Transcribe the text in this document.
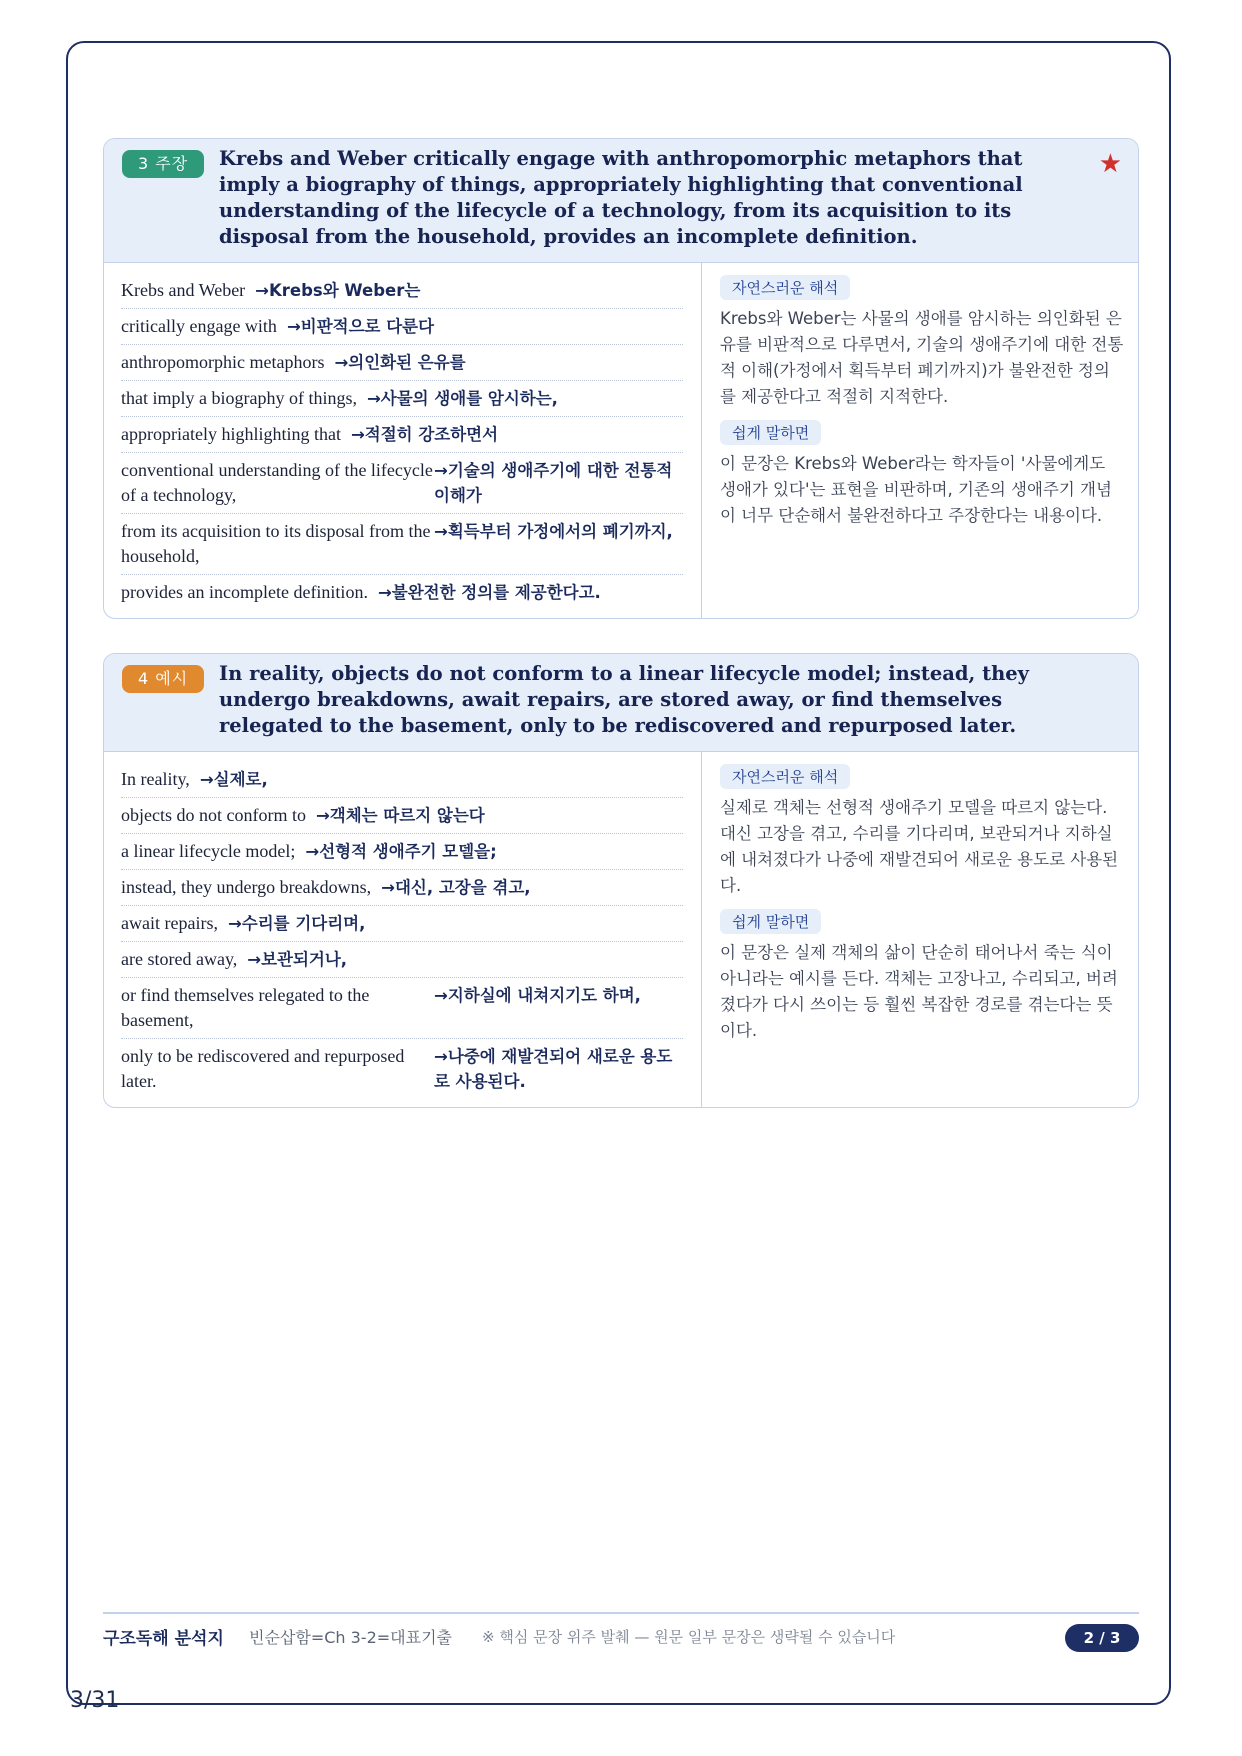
3 주장	Krebs and Weber critically engage with anthropomorphic metaphors that imply a biography of things, appropriately highlighting that conventional understanding of the lifecycle of a technology, from its acquisition to its disposal from the household, provides an incomplete definition.
★
Krebs and Weber →Krebs와 Weber는
critically engage with →비판적으로 다룬다
anthropomorphic metaphors →의인화된 은유를
that imply a biography of things, →사물의 생애를 암시하는,
appropriately highlighting that →적절히 강조하면서
conventional understanding of the lifecycle of a technology,
→기술의 생애주기에 대한 전통적 이해가
from its acquisition to its disposal from the household,
→획득부터 가정에서의 폐기까지,
provides an incomplete definition. →불완전한 정의를 제공한다고.
자연스러운 해석

Krebs와 Weber는 사물의 생애를 암시하는 의인화된 은유를 비판적으로 다루면서, 기술의 생애주기에 대한 전통적 이해(가정에서 획득부터 폐기까지)가 불완전한 정의를 제공한다고 적절히 지적한다.

쉽게 말하면

이 문장은 Krebs와 Weber라는 학자들이 '사물에게도 생애가 있다'는 표현을 비판하며, 기존의 생애주기 개념이 너무 단순해서 불완전하다고 주장한다는 내용이다.

4 예시	In reality, objects do not conform to a linear lifecycle model; instead, they undergo breakdowns, await repairs, are stored away, or find themselves relegated to the basement, only to be rediscovered and repurposed later.
In reality, →실제로,
objects do not conform to →객체는 따르지 않는다
a linear lifecycle model; →선형적 생애주기 모델을;
instead, they undergo breakdowns, →대신, 고장을 겪고,
await repairs, →수리를 기다리며,
are stored away, →보관되거나,
or find themselves relegated to the basement,
→지하실에 내쳐지기도 하며,
only to be rediscovered and repurposed later.
→나중에 재발견되어 새로운 용도로 사용된다.
자연스러운 해석

실제로 객체는 선형적 생애주기 모델을 따르지 않는다. 대신 고장을 겪고, 수리를 기다리며, 보관되거나 지하실에 내쳐졌다가 나중에 재발견되어 새로운 용도로 사용된다.

쉽게 말하면

이 문장은 실제 객체의 삶이 단순히 태어나서 죽는 식이 아니라는 예시를 든다. 객체는 고장나고, 수리되고, 버려졌다가 다시 쓰이는 등 훨씬 복잡한 경로를 겪는다는 뜻이다.

구조독해 분석지 빈순삽함=Ch 3-2=대표기출 ※ 핵심 문장 위주 발췌 — 원문 일부 문장은 생략될 수 있습니다	2 / 3
3/31
